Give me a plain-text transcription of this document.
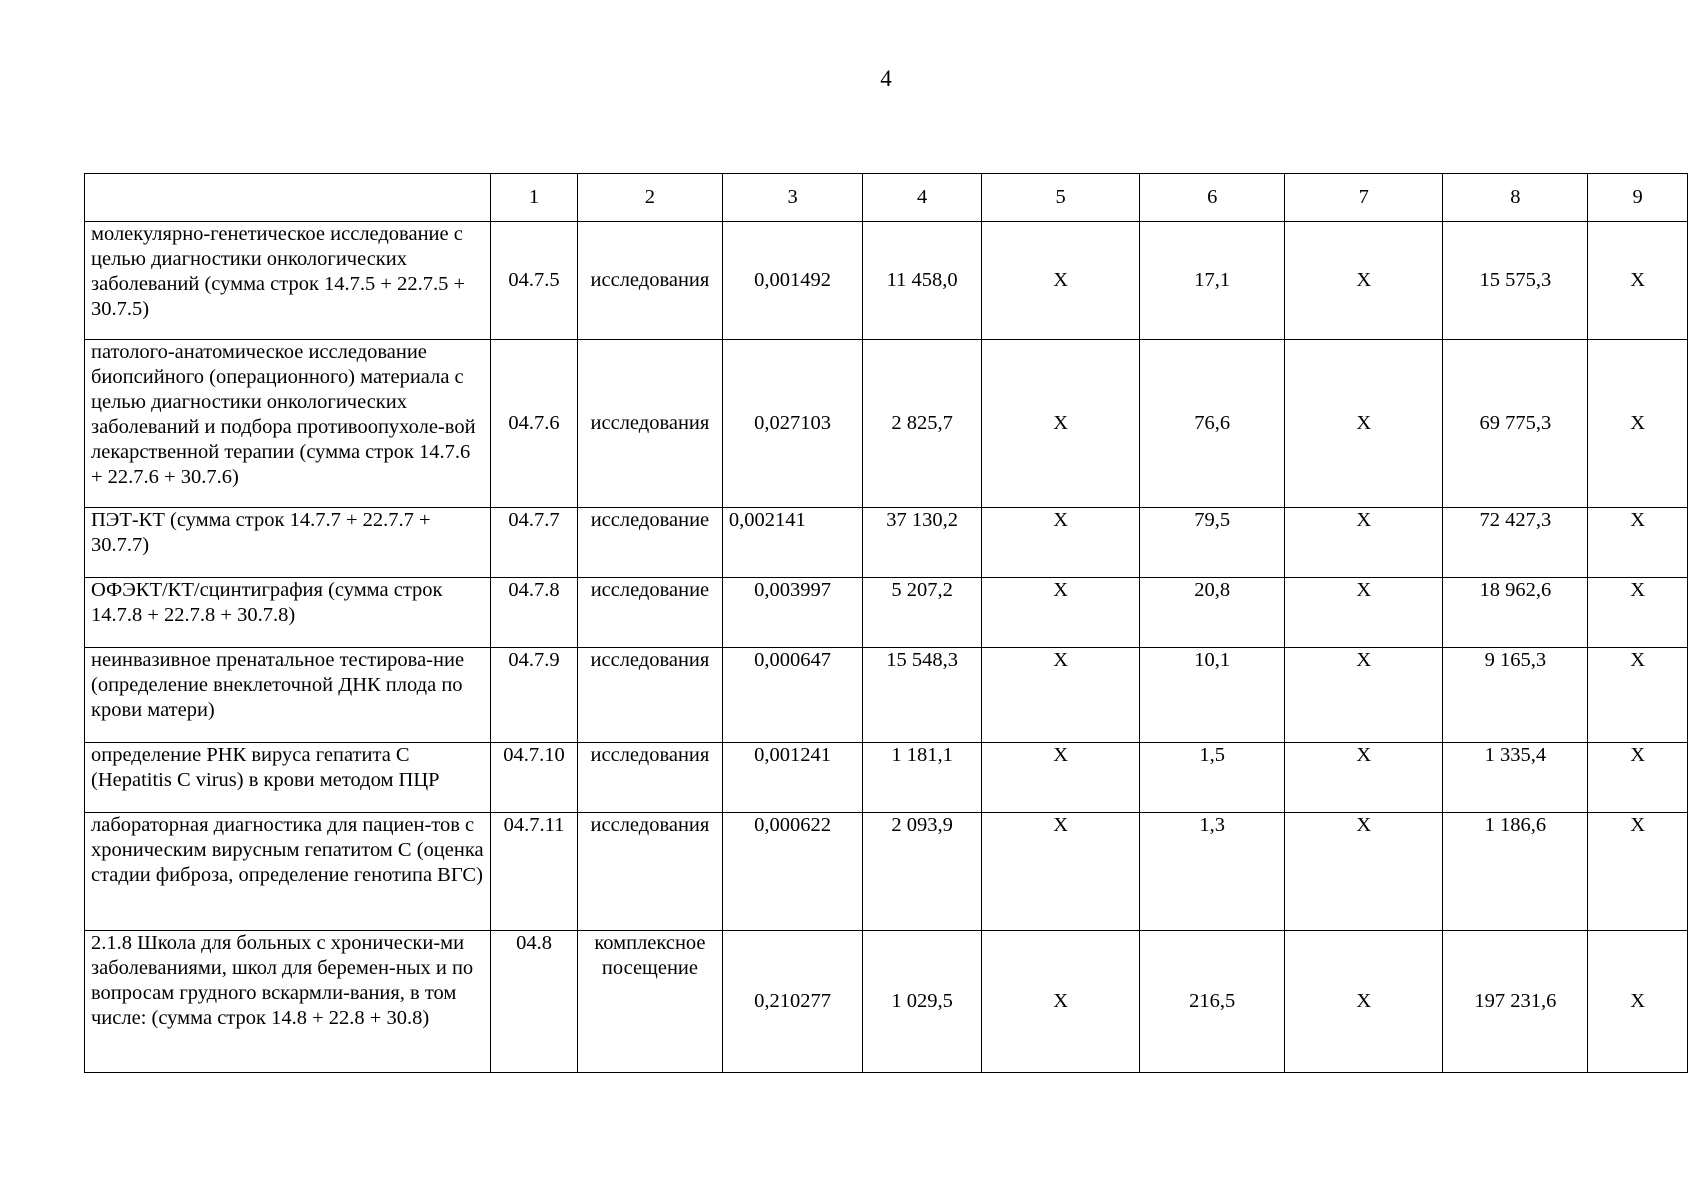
4
	1	2	3	4	5	6	7	8	9
молекулярно-генетическое исследование с целью диагностики онкологических заболеваний (сумма строк 14.7.5 + 22.7.5 + 30.7.5)	04.7.5	исследования	0,001492	11 458,0	Х	17,1	Х	15 575,3	Х
патолого-анатомическое исследование биопсийного (операционного) материала с целью диагностики онкологических заболеваний и подбора противоопухоле-вой лекарственной терапии (сумма строк 14.7.6 + 22.7.6 + 30.7.6)	04.7.6	исследования	0,027103	2 825,7	Х	76,6	Х	69 775,3	Х
ПЭТ-КТ (сумма строк 14.7.7 + 22.7.7 + 30.7.7)	04.7.7	исследование	0,002141	37 130,2	Х	79,5	Х	72 427,3	Х
ОФЭКТ/КТ/сцинтиграфия (сумма строк 14.7.8 + 22.7.8 + 30.7.8)	04.7.8	исследование	0,003997	5 207,2	Х	20,8	Х	18 962,6	Х
неинвазивное пренатальное тестирова-ние (определение внеклеточной ДНК плода по крови матери)	04.7.9	исследования	0,000647	15 548,3	Х	10,1	Х	9 165,3	Х
определение РНК вируса гепатита С (Hepatitis C virus) в крови методом ПЦР	04.7.10	исследования	0,001241	1 181,1	Х	1,5	Х	1 335,4	Х
лабораторная диагностика для пациен-тов с хроническим вирусным гепатитом С (оценка стадии фиброза, определение генотипа ВГС)	04.7.11	исследования	0,000622	2 093,9	Х	1,3	Х	1 186,6	Х
2.1.8 Школа для больных с хронически-ми заболеваниями, школ для беремен-ных и по вопросам грудного вскармли-вания, в том числе: (сумма строк 14.8 + 22.8 + 30.8)	04.8	комплексное посещение	0,210277	1 029,5	Х	216,5	Х	197 231,6	Х
